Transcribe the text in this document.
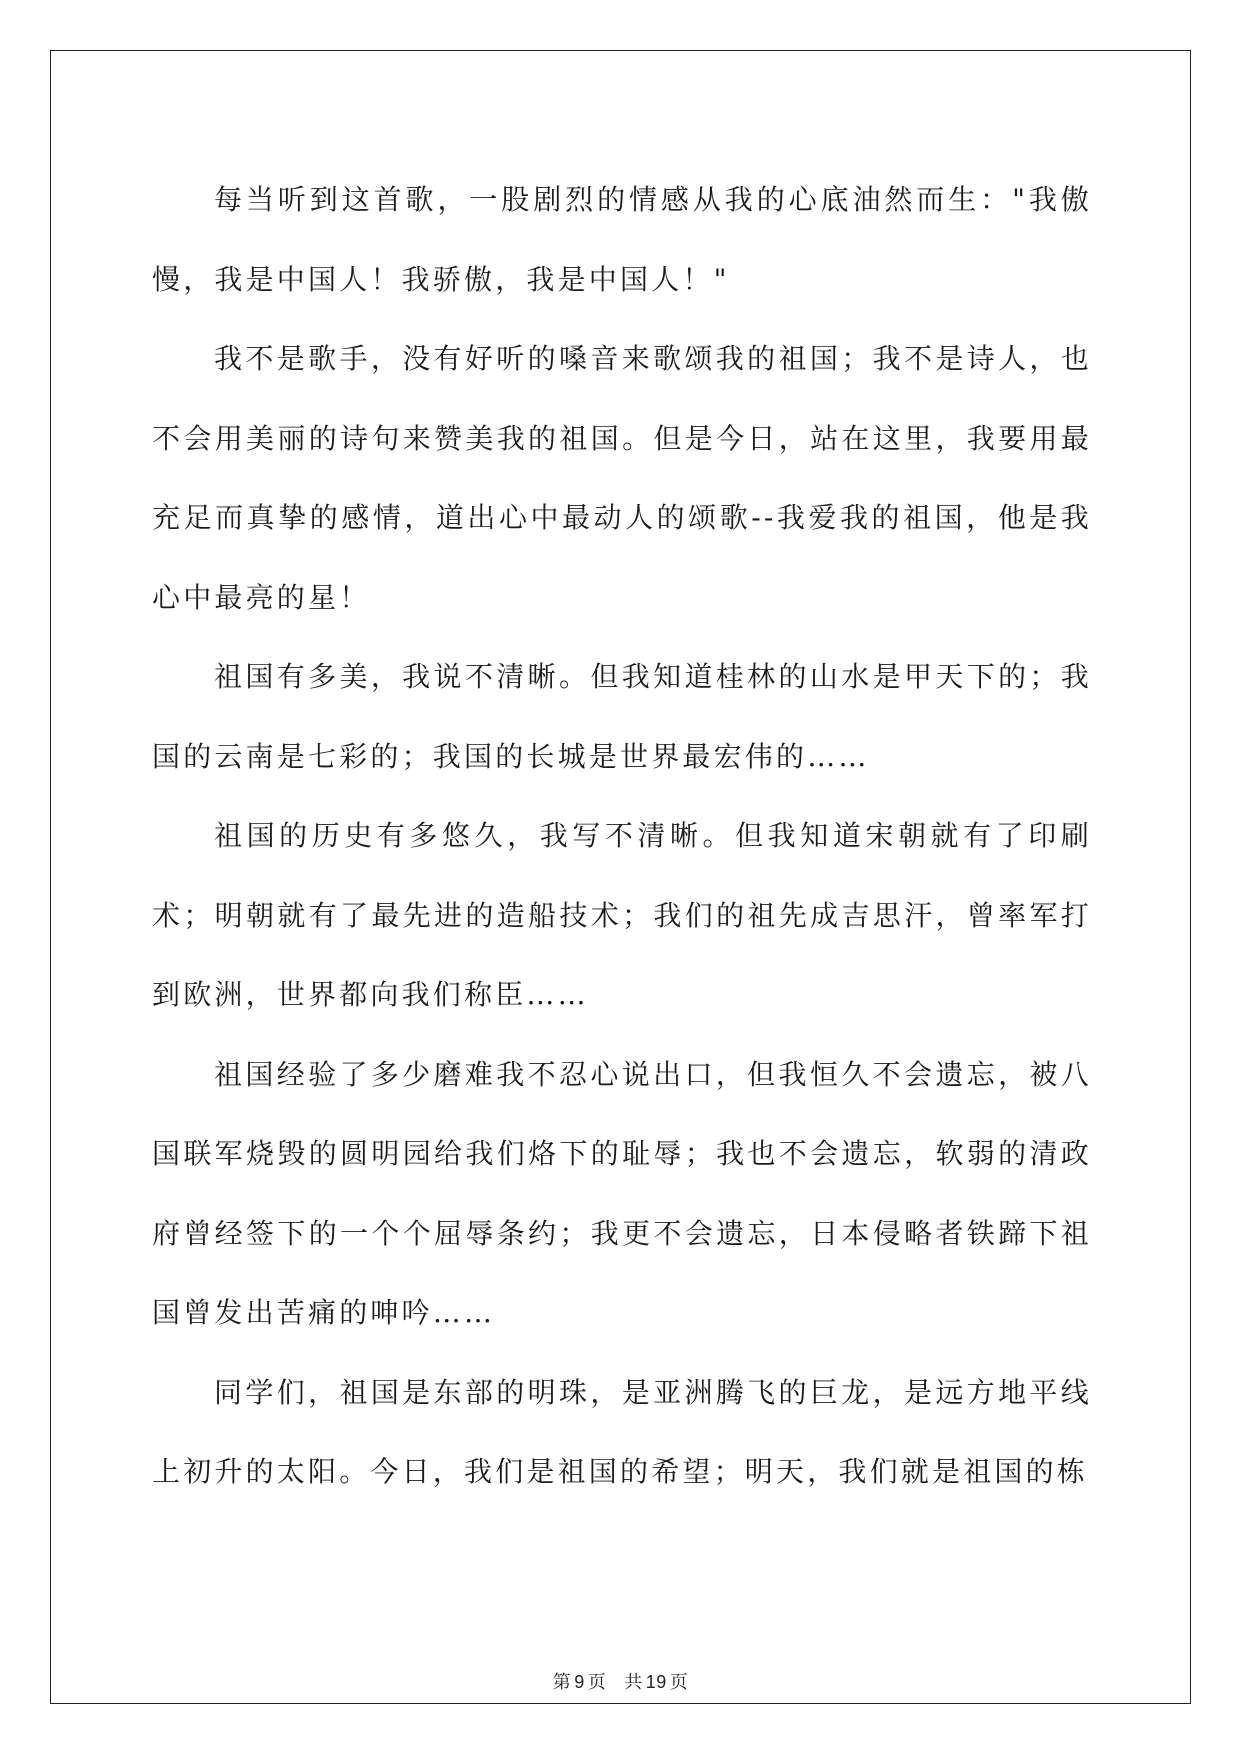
每当听到这首歌，一股剧烈的情感从我的心底油然而生："我傲慢，我是中国人！我骄傲，我是中国人！"

我不是歌手，没有好听的嗓音来歌颂我的祖国；我不是诗人，也不会用美丽的诗句来赞美我的祖国。但是今日，站在这里，我要用最充足而真挚的感情，道出心中最动人的颂歌--我爱我的祖国，他是我心中最亮的星！

祖国有多美，我说不清晰。但我知道桂林的山水是甲天下的；我国的云南是七彩的；我国的长城是世界最宏伟的……

祖国的历史有多悠久，我写不清晰。但我知道宋朝就有了印刷术；明朝就有了最先进的造船技术；我们的祖先成吉思汗，曾率军打到欧洲，世界都向我们称臣……

祖国经验了多少磨难我不忍心说出口，但我恒久不会遗忘，被八国联军烧毁的圆明园给我们烙下的耻辱；我也不会遗忘，软弱的清政府曾经签下的一个个屈辱条约；我更不会遗忘，日本侵略者铁蹄下祖国曾发出苦痛的呻吟……

同学们，祖国是东部的明珠，是亚洲腾飞的巨龙，是远方地平线上初升的太阳。今日，我们是祖国的希望；明天，我们就是祖国的栋

第 9 页 共 19 页
